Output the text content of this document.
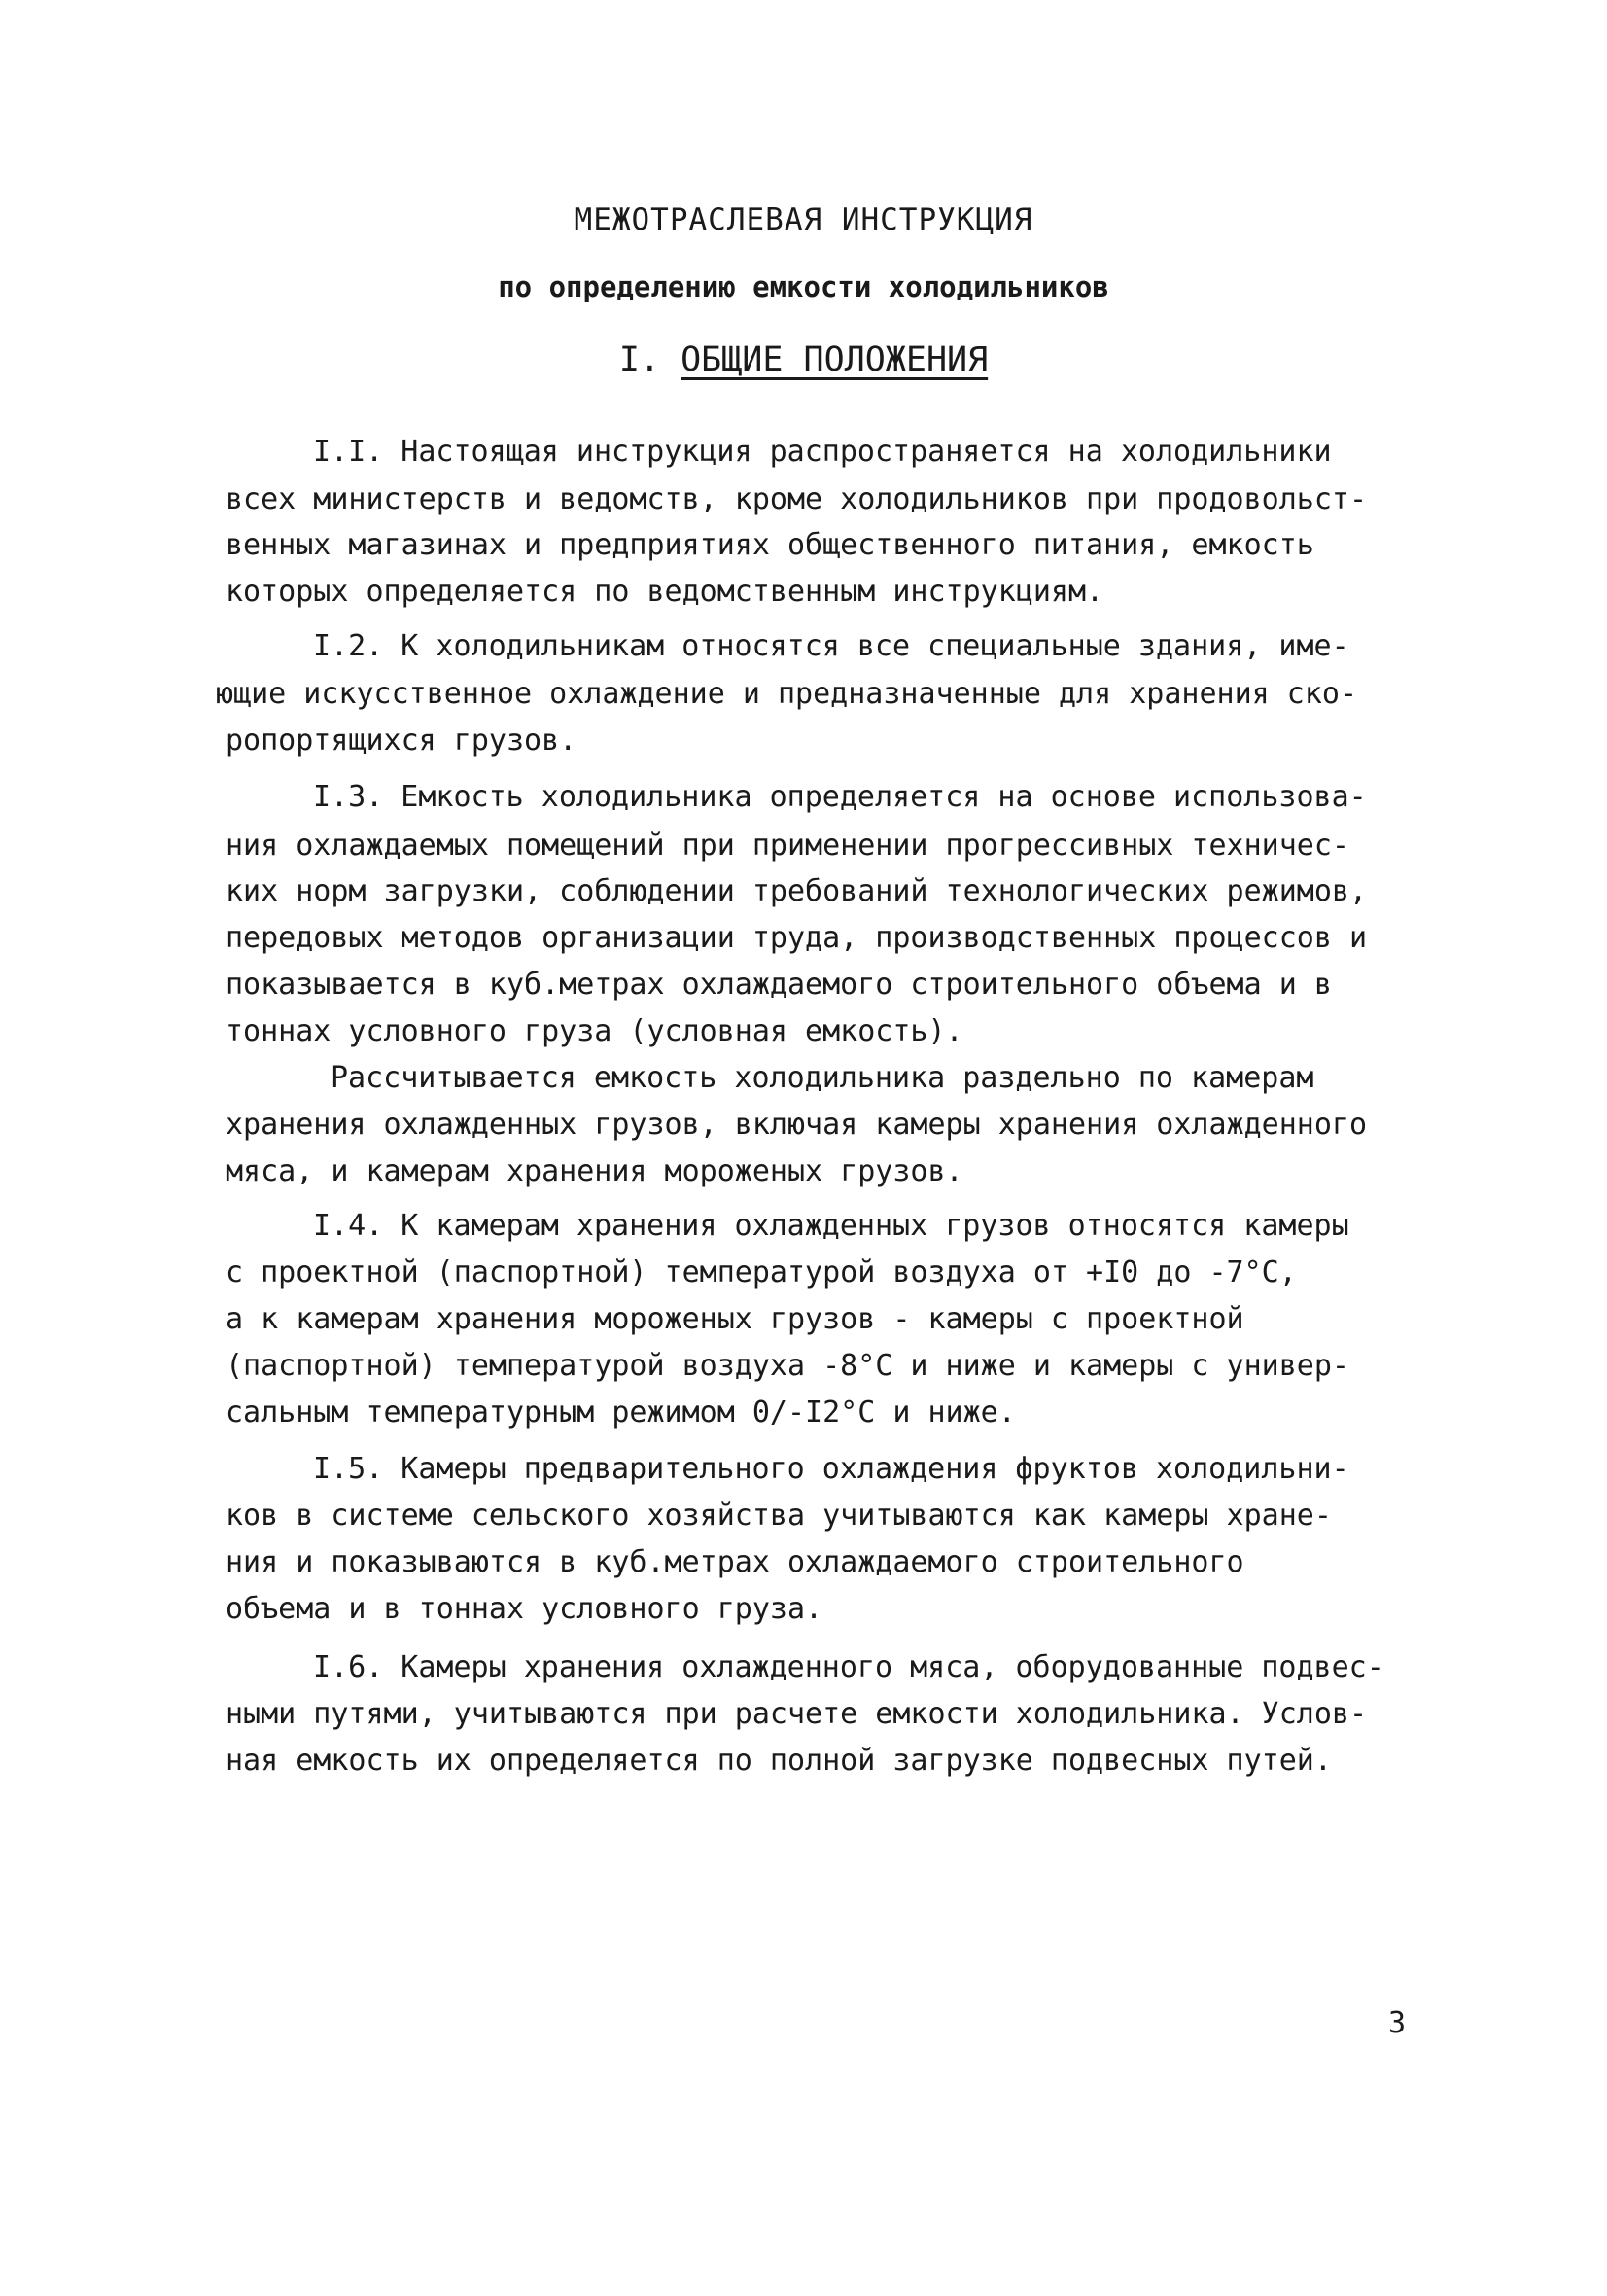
МЕЖОТРАСЛЕВАЯ ИНСТРУКЦИЯ
по определению емкости холодильников
I. ОБЩИЕ ПОЛОЖЕНИЯ
I.I. Настоящая инструкция распространяется на холодильники
всех министерств и ведомств, кроме холодильников при продовольст-
венных магазинах и предприятиях общественного питания, емкость
которых определяется по ведомственным инструкциям.
I.2. К холодильникам относятся все специальные здания, име-
ющие искусственное охлаждение и предназначенные для хранения ско-
ропортящихся грузов.
I.3. Емкость холодильника определяется на основе использова-
ния охлаждаемых помещений при применении прогрессивных техничес-
ких норм загрузки, соблюдении требований технологических режимов,
передовых методов организации труда, производственных процессов и
показывается в куб.метрах охлаждаемого строительного объема и в
тоннах условного груза (условная емкость).
Рассчитывается емкость холодильника раздельно по камерам
хранения охлажденных грузов, включая камеры хранения охлажденного
мяса, и камерам хранения мороженых грузов.
I.4. К камерам хранения охлажденных грузов относятся камеры
с проектной (паспортной) температурой воздуха от +I0 до -7°С,
а к камерам хранения мороженых грузов - камеры с проектной
(паспортной) температурой воздуха -8°С и ниже и камеры с универ-
сальным температурным режимом 0/-I2°С и ниже.
I.5. Камеры предварительного охлаждения фруктов холодильни-
ков в системе сельского хозяйства учитываются как камеры хране-
ния и показываются в куб.метрах охлаждаемого строительного
объема и в тоннах условного груза.
I.6. Камеры хранения охлажденного мяса, оборудованные подвес-
ными путями, учитываются при расчете емкости холодильника. Услов-
ная емкость их определяется по полной загрузке подвесных путей.
3
